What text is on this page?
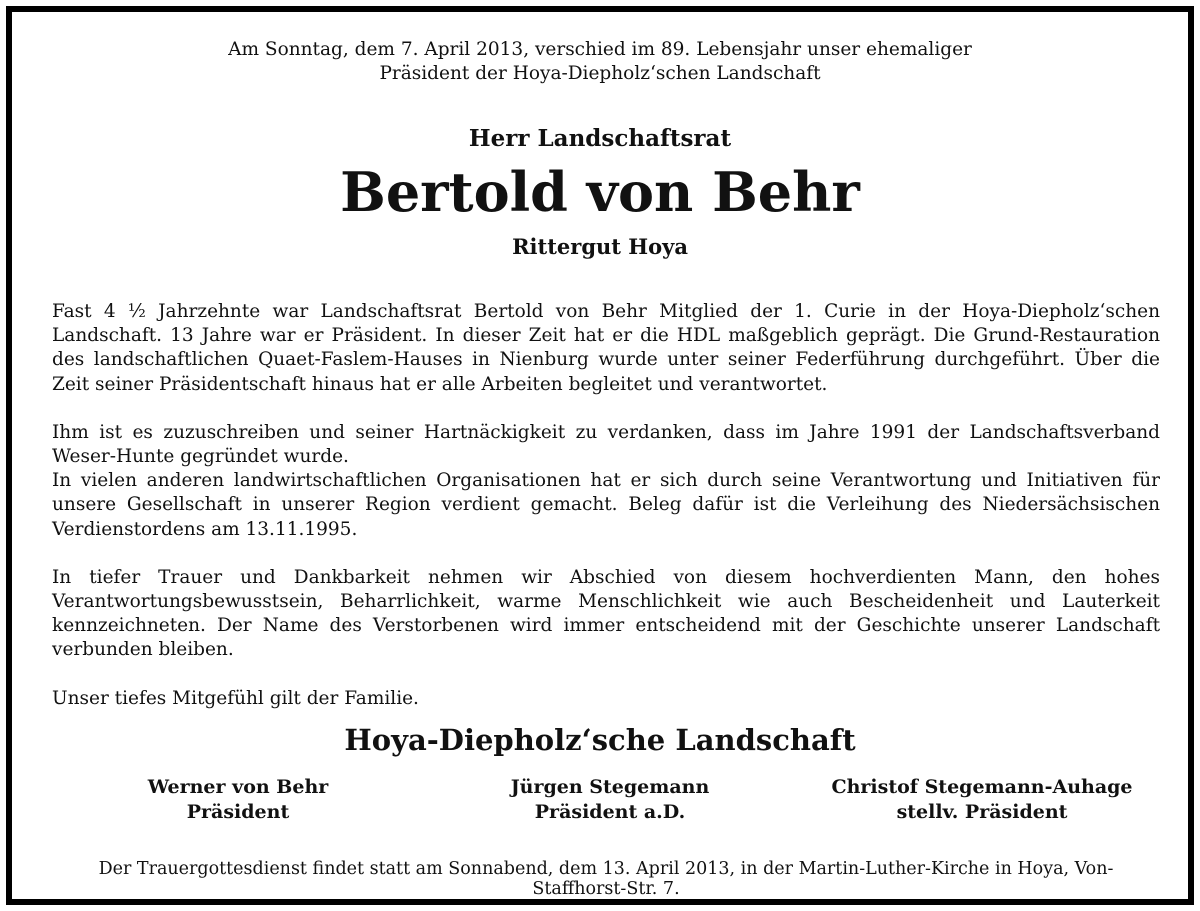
Am Sonntag, dem 7. April 2013, verschied im 89. Lebensjahr unser ehemaliger
Präsident der Hoya-Diepholz‘schen Landschaft
Herr Landschaftsrat
Bertold von Behr
Rittergut Hoya

Fast 4 ½ Jahrzehnte war Landschaftsrat Bertold von Behr Mitglied der 1. Curie in der Hoya-Diepholz‘schen Landschaft. 13 Jahre war er Präsident. In dieser Zeit hat er die HDL maßgeblich geprägt. Die Grund-Restauration des landschaftlichen Quaet-Faslem-Hauses in Nienburg wurde unter seiner Federführung durchgeführt. Über die Zeit seiner Präsidentschaft hinaus hat er alle Arbeiten begleitet und verantwortet.

Ihm ist es zuzuschreiben und seiner Hartnäckigkeit zu verdanken, dass im Jahre 1991 der Landschaftsverband Weser-Hunte gegründet wurde.

In vielen anderen landwirtschaftlichen Organisationen hat er sich durch seine Verantwortung und Initiativen für unsere Gesellschaft in unserer Region verdient gemacht. Beleg dafür ist die Verleihung des Niedersächsischen Verdienstordens am 13.11.1995.

In tiefer Trauer und Dankbarkeit nehmen wir Abschied von diesem hochverdienten Mann, den hohes Verantwortungsbewusstsein, Beharrlichkeit, warme Menschlichkeit wie auch Bescheidenheit und Lauterkeit kennzeichneten. Der Name des Verstorbenen wird immer entscheidend mit der Geschichte unserer Landschaft verbunden bleiben.

Unser tiefes Mitgefühl gilt der Familie.

Hoya-Diepholz‘sche Landschaft
Werner von Behr
Präsident
Jürgen Stegemann
Präsident a.D.
Christof Stegemann-Auhage
stellv. Präsident
Der Trauergottesdienst findet statt am Sonnabend, dem 13. April 2013, in der Martin-Luther-Kirche in Hoya, Von-Staffhorst-Str. 7.
